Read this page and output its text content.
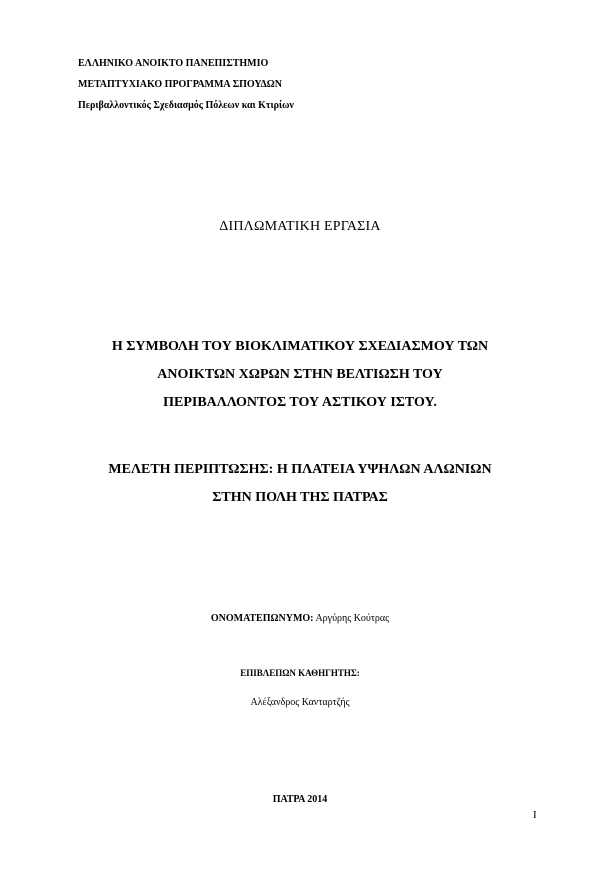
ΕΛΛΗΝΙΚΟ ΑΝΟΙΚΤΟ ΠΑΝΕΠΙΣΤΗΜΙΟ
ΜΕΤΑΠΤΥΧΙΑΚΟ ΠΡΟΓΡΑΜΜΑ ΣΠΟΥΔΩΝ
Περιβαλλοντικός Σχεδιασμός Πόλεων και Κτιρίων
ΔΙΠΛΩΜΑΤΙΚΗ ΕΡΓΑΣΙΑ
Η ΣΥΜΒΟΛΗ ΤΟΥ ΒΙΟΚΛΙΜΑΤΙΚΟΥ ΣΧΕΔΙΑΣΜΟΥ ΤΩΝ
ΑΝΟΙΚΤΩΝ ΧΩΡΩΝ ΣΤΗΝ ΒΕΛΤΙΩΣΗ ΤΟΥ
ΠΕΡΙΒΑΛΛΟΝΤΟΣ ΤΟΥ ΑΣΤΙΚΟΥ ΙΣΤΟΥ.
ΜΕΛΕΤΗ ΠΕΡΙΠΤΩΣΗΣ: Η ΠΛΑΤΕΙΑ ΥΨΗΛΩΝ ΑΛΩΝΙΩΝ
ΣΤΗΝ ΠΟΛΗ ΤΗΣ ΠΑΤΡΑΣ
ΟΝΟΜΑΤΕΠΩΝΥΜΟ: Αργύρης Κούτρας
ΕΠΙΒΛΕΠΩΝ ΚΑΘΗΓΗΤΗΣ:
Αλέξανδρος Κανταρτζής
ΠΑΤΡΑ 2014
I
